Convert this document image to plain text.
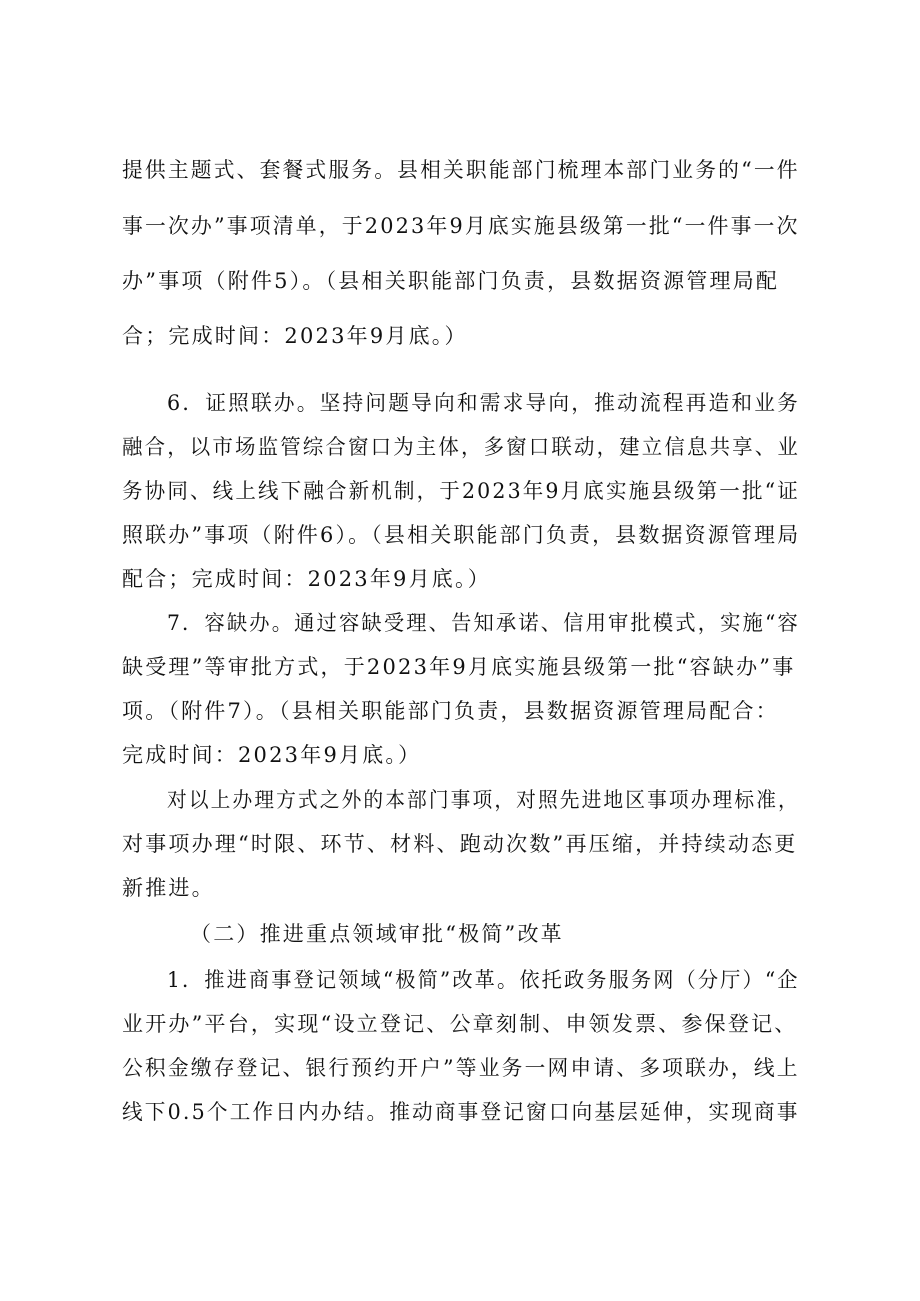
提供主题式、套餐式服务。县相关职能部门梳理本部门业务的“一件
事一次办”事项清单，于2023年9月底实施县级第一批“一件事一次
办”事项（附件5）。（县相关职能部门负责，县数据资源管理局配
合；完成时间：2023年9月底。）
6．证照联办。坚持问题导向和需求导向，推动流程再造和业务
融合，以市场监管综合窗口为主体，多窗口联动，建立信息共享、业
务协同、线上线下融合新机制，于2023年9月底实施县级第一批“证
照联办”事项（附件6）。（县相关职能部门负责，县数据资源管理局
配合；完成时间：2023年9月底。）
7．容缺办。通过容缺受理、告知承诺、信用审批模式，实施“容
缺受理”等审批方式，于2023年9月底实施县级第一批“容缺办”事
项。（附件7）。（县相关职能部门负责，县数据资源管理局配合：
完成时间：2023年9月底。）
对以上办理方式之外的本部门事项，对照先进地区事项办理标准，
对事项办理“时限、环节、材料、跑动次数”再压缩，并持续动态更
新推进。
（二）推进重点领域审批“极简”改革
1．推进商事登记领域“极简”改革。依托政务服务网（分厅）“企
业开办”平台，实现“设立登记、公章刻制、申领发票、参保登记、
公积金缴存登记、银行预约开户”等业务一网申请、多项联办，线上
线下0.5个工作日内办结。推动商事登记窗口向基层延伸，实现商事
